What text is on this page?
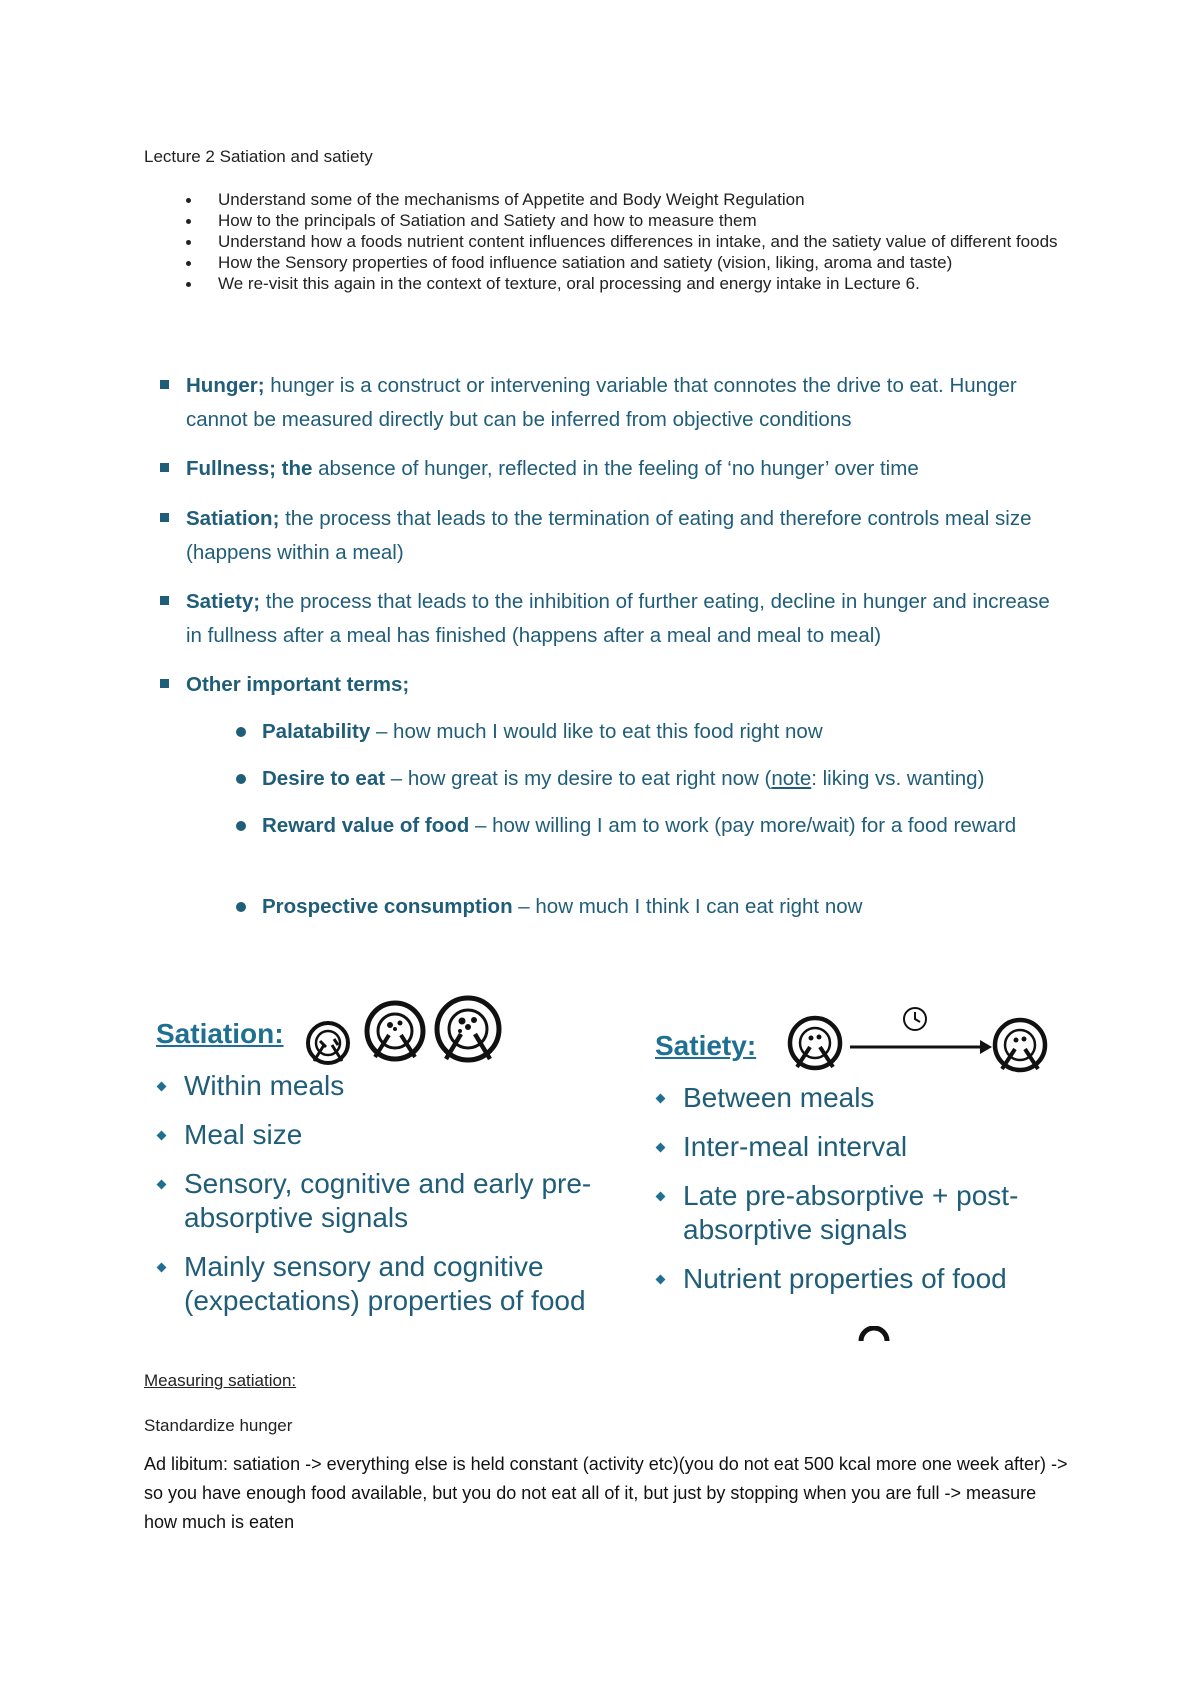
Lecture 2 Satiation and satiety
Understand some of the mechanisms of Appetite and Body Weight Regulation
How to the principals of Satiation and Satiety and how to measure them
Understand how a foods nutrient content influences differences in intake, and the satiety value of different foods
How the Sensory properties of food influence satiation and satiety (vision, liking, aroma and taste)
We re-visit this again in the context of texture, oral processing and energy intake in Lecture 6.
Hunger; hunger is a construct or intervening variable that connotes the drive to eat. Hunger cannot be measured directly but can be inferred from objective conditions
Fullness; the absence of hunger, reflected in the feeling of ‘no hunger’ over time
Satiation; the process that leads to the termination of eating and therefore controls meal size (happens within a meal)
Satiety; the process that leads to the inhibition of further eating, decline in hunger and increase in fullness after a meal has finished (happens after a meal and meal to meal)
Other important terms;
Palatability – how much I would like to eat this food right now
Desire to eat – how great is my desire to eat right now (note: liking vs. wanting)
Reward value of food – how willing I am to work (pay more/wait) for a food reward
Prospective consumption – how much I think I can eat right now
Satiation:
Within meals
Meal size
Sensory, cognitive and early pre-absorptive signals
Mainly sensory and cognitive (expectations) properties of food
Satiety:
Between meals
Inter-meal interval
Late pre-absorptive + post-absorptive signals
Nutrient properties of food
Measuring satiation:
Standardize hunger
Ad libitum: satiation -> everything else is held constant (activity etc)(you do not eat 500 kcal more one week after) -> so you have enough food available, but you do not eat all of it, but just by stopping when you are full -> measure how much is eaten
